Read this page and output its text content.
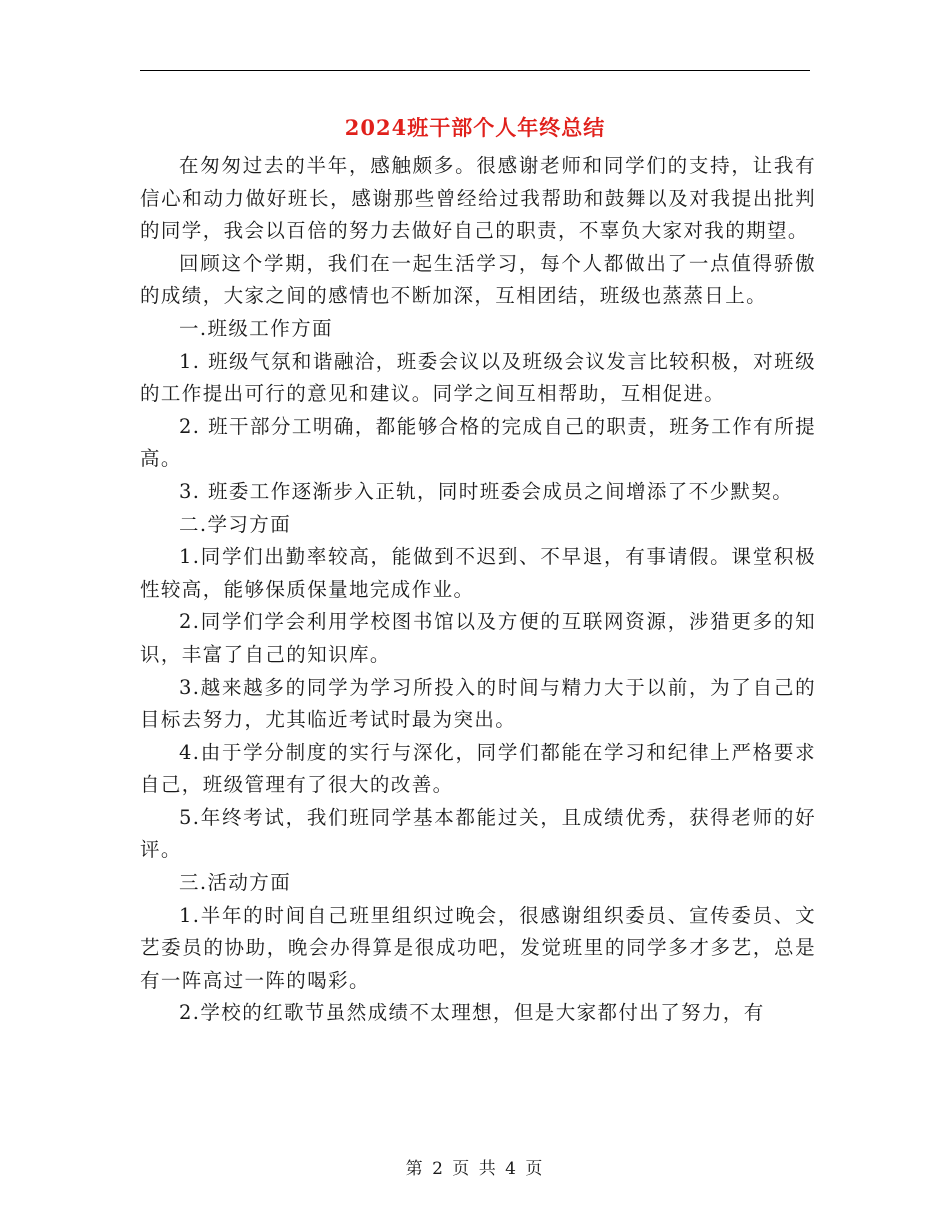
2024班干部个人年终总结

在匆匆过去的半年，感触颇多。很感谢老师和同学们的支持，让我有信心和动力做好班长，感谢那些曾经给过我帮助和鼓舞以及对我提出批判的同学，我会以百倍的努力去做好自己的职责，不辜负大家对我的期望。

回顾这个学期，我们在一起生活学习，每个人都做出了一点值得骄傲的成绩，大家之间的感情也不断加深，互相团结，班级也蒸蒸日上。

一.班级工作方面

1. 班级气氛和谐融洽，班委会议以及班级会议发言比较积极，对班级的工作提出可行的意见和建议。同学之间互相帮助，互相促进。

2. 班干部分工明确，都能够合格的完成自己的职责，班务工作有所提高。

3. 班委工作逐渐步入正轨，同时班委会成员之间增添了不少默契。

二.学习方面

1.同学们出勤率较高，能做到不迟到、不早退，有事请假。课堂积极性较高，能够保质保量地完成作业。

2.同学们学会利用学校图书馆以及方便的互联网资源，涉猎更多的知识，丰富了自己的知识库。

3.越来越多的同学为学习所投入的时间与精力大于以前，为了自己的目标去努力，尤其临近考试时最为突出。

4.由于学分制度的实行与深化，同学们都能在学习和纪律上严格要求自己，班级管理有了很大的改善。

5.年终考试，我们班同学基本都能过关，且成绩优秀，获得老师的好评。

三.活动方面

1.半年的时间自己班里组织过晚会，很感谢组织委员、宣传委员、文艺委员的协助，晚会办得算是很成功吧，发觉班里的同学多才多艺，总是有一阵高过一阵的喝彩。

2.学校的红歌节虽然成绩不太理想，但是大家都付出了努力，有

第 2 页 共 4 页
